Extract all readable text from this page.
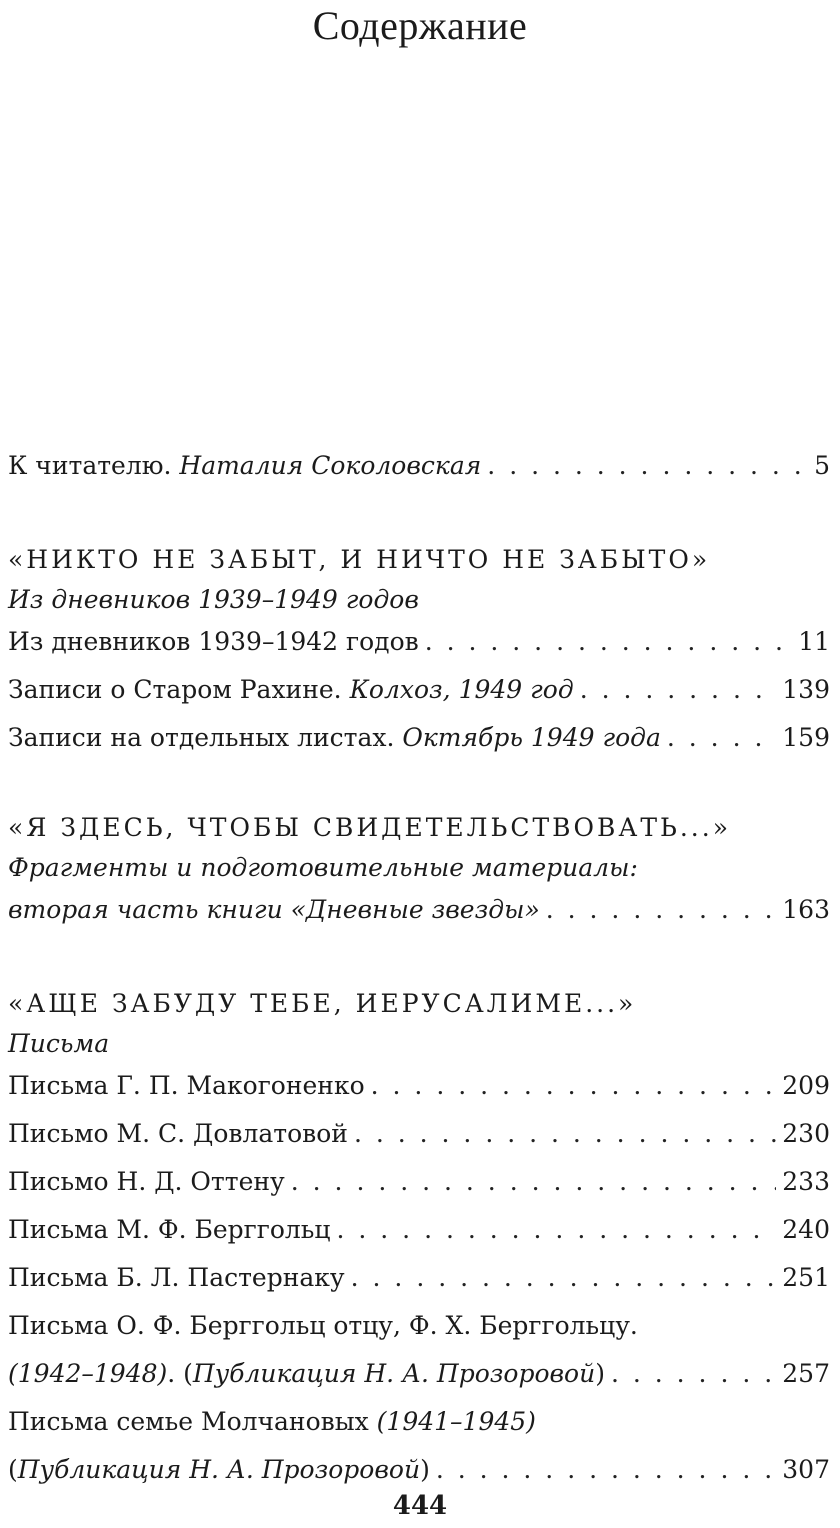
Содержание
К читателю. Наталия Соколовская . . .	5
«НИКТО НЕ ЗАБЫТ, И НИЧТО НЕ ЗАБЫТО»
Из дневников 1939–1949 годов
Из дневников 1939–1942 годов . . .	11
Записи о Старом Рахине. Колхоз, 1949 год . . .	139
Записи на отдельных листах. Октябрь 1949 года . . .	159
«Я ЗДЕСЬ, ЧТОБЫ СВИДЕТЕЛЬСТВОВАТЬ...»
Фрагменты и подготовительные материалы:
вторая часть книги «Дневные звезды» . . .	163
«АЩЕ ЗАБУДУ ТЕБЕ, ИЕРУСАЛИМЕ...»
Письма
Письма Г. П. Макогоненко . . .	209
Письмо М. С. Довлатовой . . .	230
Письмо Н. Д. Оттену . . .	233
Письма М. Ф. Берггольц . . .	240
Письма Б. Л. Пастернаку . . .	251
Письма О. Ф. Берггольц отцу, Ф. Х. Берггольцу.
(1942–1948). (Публикация Н. А. Прозоровой) . . .	257
Письма семье Молчановых (1941–1945)
(Публикация Н. А. Прозоровой) . . .	307
444
